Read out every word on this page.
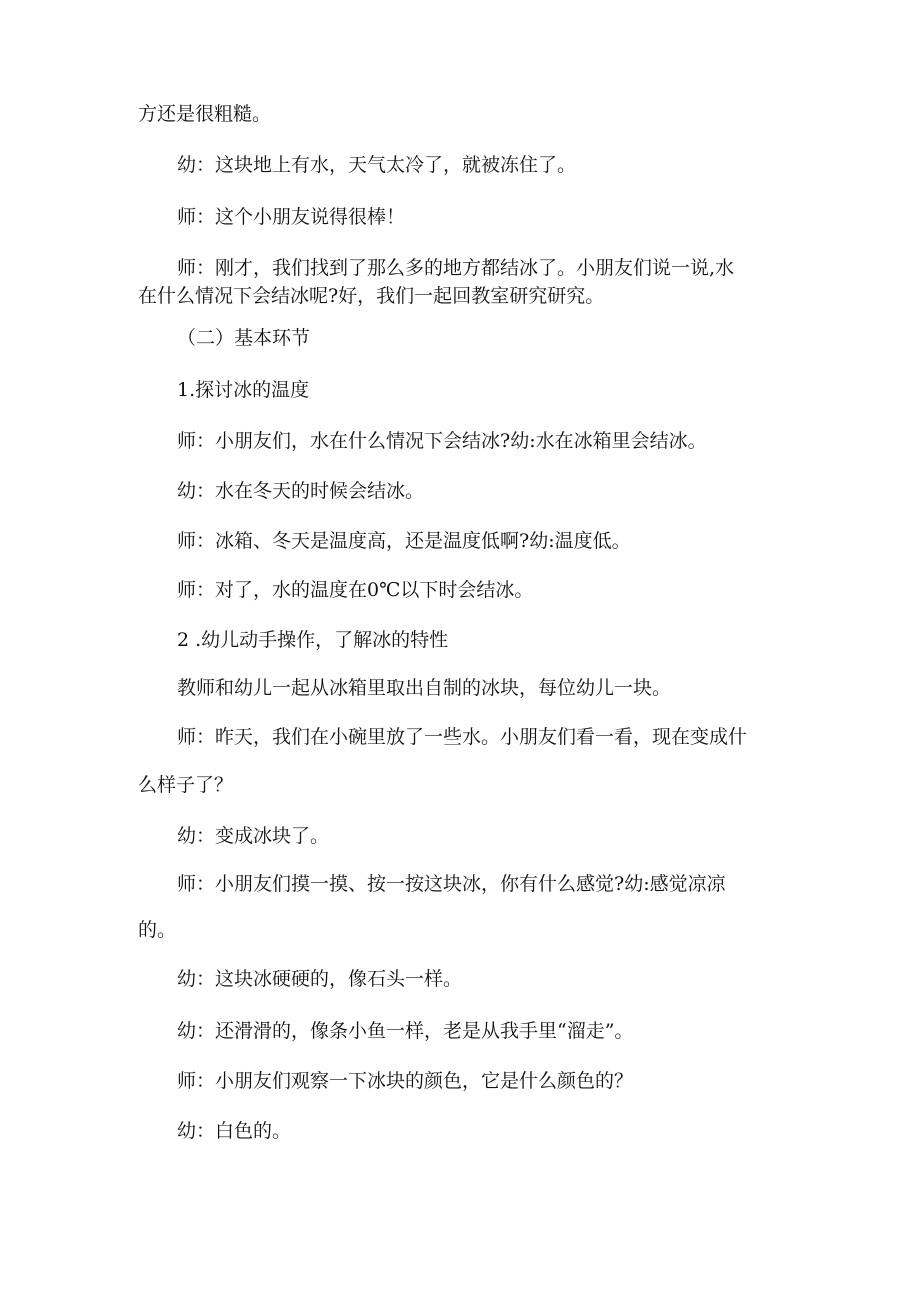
方还是很粗糙。
幼：这块地上有水，天气太冷了，就被冻住了。
师：这个小朋友说得很棒！
师：刚才，我们找到了那么多的地方都结冰了。小朋友们说一说,水
在什么情况下会结冰呢?好，我们一起回教室研究研究。
（二）基本环节
1.探讨冰的温度
师：小朋友们，水在什么情况下会结冰?幼:水在冰箱里会结冰。
幼：水在冬天的时候会结冰。
师：冰箱、冬天是温度高，还是温度低啊?幼:温度低。
师：对了，水的温度在0℃以下时会结冰。
2 .幼儿动手操作，了解冰的特性
教师和幼儿一起从冰箱里取出自制的冰块，每位幼儿一块。
师：昨天，我们在小碗里放了一些水。小朋友们看一看，现在变成什
么样子了？
幼：变成冰块了。
师：小朋友们摸一摸、按一按这块冰，你有什么感觉?幼:感觉凉凉
的。
幼：这块冰硬硬的，像石头一样。
幼：还滑滑的，像条小鱼一样，老是从我手里“溜走”。
师：小朋友们观察一下冰块的颜色，它是什么颜色的？
幼：白色的。
